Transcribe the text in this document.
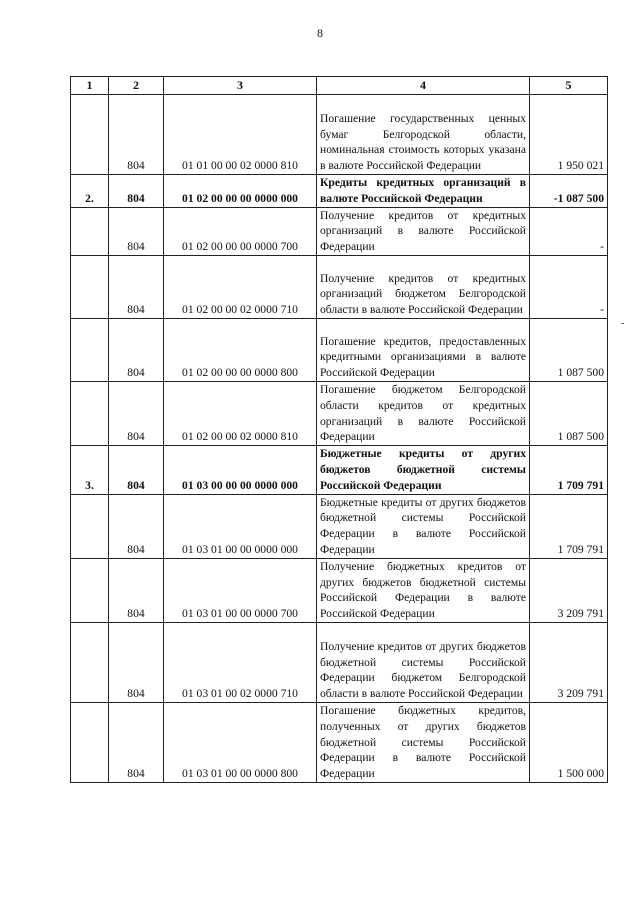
8
1	2	3	4	5
	804	01 01 00 00 02 0000 810	Погашение государственных ценных бумаг Белгородской области, номинальная стоимость которых указана в валюте Российской Федерации	1 950 021
2.	804	01 02 00 00 00 0000 000	Кредиты кредитных организаций в валюте Российской Федерации	-1 087 500
	804	01 02 00 00 00 0000 700	Получение кредитов от кредитных организаций в валюте Российской Федерации	-
	804	01 02 00 00 02 0000 710	Получение кредитов от кредитных организаций бюджетом Белгородской области в валюте Российской Федерации	-
	804	01 02 00 00 00 0000 800	Погашение кредитов, предоставленных кредитными организациями в валюте Российской Федерации	1 087 500
	804	01 02 00 00 02 0000 810	Погашение бюджетом Белгородской области кредитов от кредитных организаций в валюте Российской Федерации	1 087 500
3.	804	01 03 00 00 00 0000 000	Бюджетные кредиты от других бюджетов бюджетной системы Российской Федерации	1 709 791
	804	01 03 01 00 00 0000 000	Бюджетные кредиты от других бюджетов бюджетной системы Российской Федерации в валюте Российской Федерации	1 709 791
	804	01 03 01 00 00 0000 700	Получение бюджетных кредитов от других бюджетов бюджетной системы Российской Федерации в валюте Российской Федерации	3 209 791
	804	01 03 01 00 02 0000 710	Получение кредитов от других бюджетов бюджетной системы Российской Федерации бюджетом Белгородской области в валюте Российской Федерации	3 209 791
	804	01 03 01 00 00 0000 800	Погашение бюджетных кредитов, полученных от других бюджетов бюджетной системы Российской Федерации в валюте Российской Федерации	1 500 000
-
